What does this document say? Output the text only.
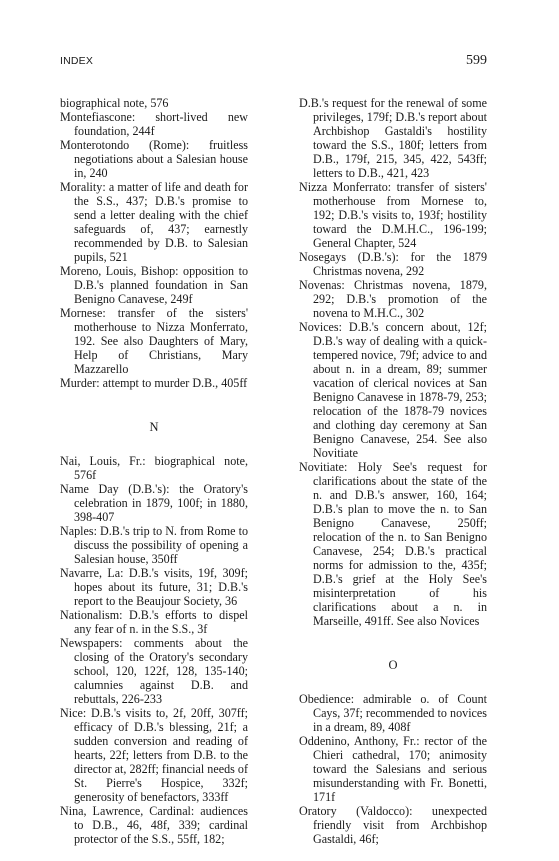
INDEX	599

biographical note, 576

Montefiascone: short-lived new foundation, 244f

Monterotondo (Rome): fruitless negotiations about a Salesian house in, 240

Morality: a matter of life and death for the S.S., 437; D.B.'s promise to send a letter dealing with the chief safeguards of, 437; earnestly recommended by D.B. to Salesian pupils, 521

Moreno, Louis, Bishop: opposition to D.B.'s planned foundation in San Benigno Canavese, 249f

Mornese: transfer of the sisters' motherhouse to Nizza Monferrato, 192. See also Daughters of Mary, Help of Christians, Mary Mazzarello

Murder: attempt to murder D.B., 405ff

N

Nai, Louis, Fr.: biographical note, 576f

Name Day (D.B.'s): the Oratory's celebration in 1879, 100f; in 1880, 398-407

Naples: D.B.'s trip to N. from Rome to discuss the possibility of opening a Salesian house, 350ff

Navarre, La: D.B.'s visits, 19f, 309f; hopes about its future, 31; D.B.'s report to the Beaujour Society, 36

Nationalism: D.B.'s efforts to dispel any fear of n. in the S.S., 3f

Newspapers: comments about the closing of the Oratory's secondary school, 120, 122f, 128, 135-140; calumnies against D.B. and rebuttals, 226-233

Nice: D.B.'s visits to, 2f, 20ff, 307ff; efficacy of D.B.'s blessing, 21f; a sudden conversion and reading of hearts, 22f; letters from D.B. to the director at, 282ff; financial needs of St. Pierre's Hospice, 332f; generosity of benefactors, 333ff

Nina, Lawrence, Cardinal: audiences to D.B., 46, 48f, 339; cardinal protector of the S.S., 55ff, 182;

D.B.'s request for the renewal of some privileges, 179f; D.B.'s report about Archbishop Gastaldi's hostility toward the S.S., 180f; letters from D.B., 179f, 215, 345, 422, 543ff; letters to D.B., 421, 423

Nizza Monferrato: transfer of sisters' motherhouse from Mornese to, 192; D.B.'s visits to, 193f; hostility toward the D.M.H.C., 196-199; General Chapter, 524

Nosegays (D.B.'s): for the 1879 Christmas novena, 292

Novenas: Christmas novena, 1879, 292; D.B.'s promotion of the novena to M.H.C., 302

Novices: D.B.'s concern about, 12f; D.B.'s way of dealing with a quick-tempered novice, 79f; advice to and about n. in a dream, 89; summer vacation of clerical novices at San Benigno Canavese in 1878-79, 253; relocation of the 1878-79 novices and clothing day ceremony at San Benigno Canavese, 254. See also Novitiate

Novitiate: Holy See's request for clarifications about the state of the n. and D.B.'s answer, 160, 164; D.B.'s plan to move the n. to San Benigno Canavese, 250ff; relocation of the n. to San Benigno Canavese, 254; D.B.'s practical norms for admission to the, 435f; D.B.'s grief at the Holy See's misinterpretation of his clarifications about a n. in Marseille, 491ff. See also Novices

O

Obedience: admirable o. of Count Cays, 37f; recommended to novices in a dream, 89, 408f

Oddenino, Anthony, Fr.: rector of the Chieri cathedral, 170; animosity toward the Salesians and serious misunderstanding with Fr. Bonetti, 171f

Oratory (Valdocco): unexpected friendly visit from Archbishop Gastaldi, 46f;
